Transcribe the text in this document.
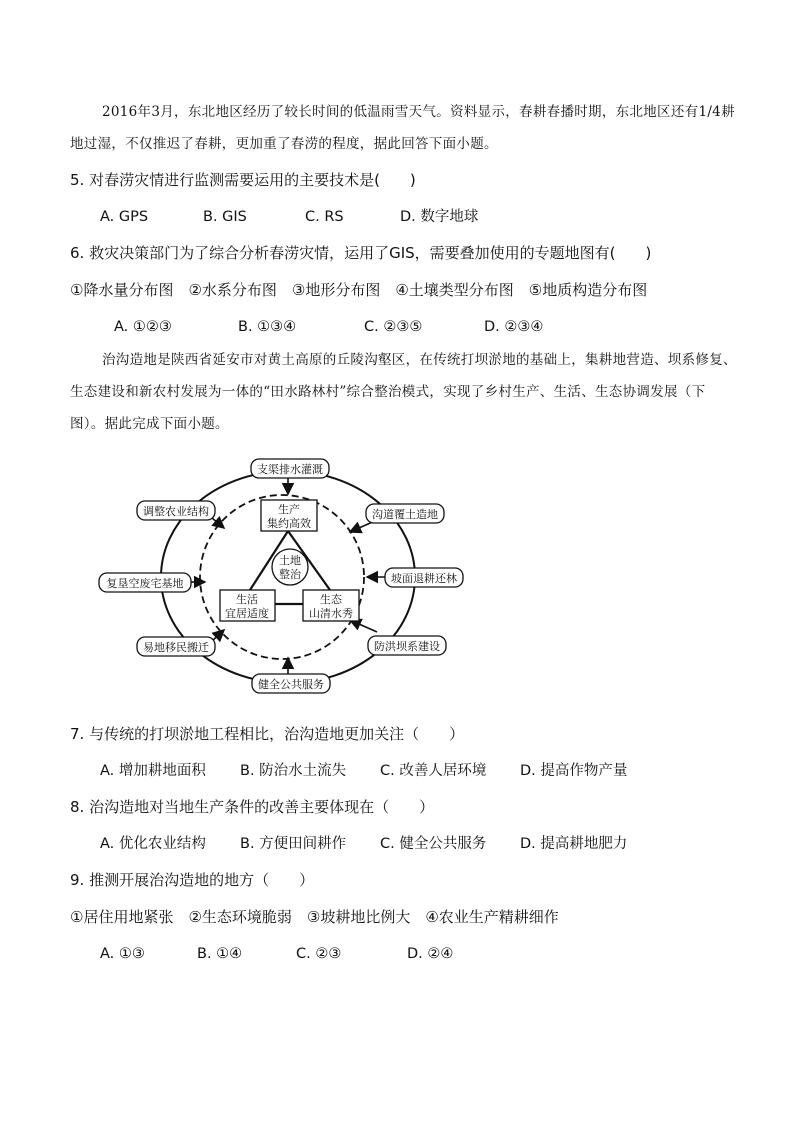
2016年3月，东北地区经历了较长时间的低温雨雪天气。资料显示，春耕春播时期，东北地区还有1/4耕地过湿，不仅推迟了春耕，更加重了春涝的程度，据此回答下面小题。

5. 对春涝灾情进行监测需要运用的主要技术是(　　)

A. GPS	B. GIS	C. RS	D. 数字地球

6. 救灾决策部门为了综合分析春涝灾情，运用了GIS，需要叠加使用的专题地图有(　　)

①降水量分布图　②水系分布图　③地形分布图　④土壤类型分布图　⑤地质构造分布图

A. ①②③	B. ①③④	C. ②③⑤	D. ②③④

治沟造地是陕西省延安市对黄土高原的丘陵沟壑区，在传统打坝淤地的基础上，集耕地营造、坝系修复、生态建设和新农村发展为一体的“田水路林村”综合整治模式，实现了乡村生产、生活、生态协调发展（下图）。据此完成下面小题。

土地
整治
生产
集约高效
生活
宜居适度
生态
山清水秀
支渠排水灌溉
沟道覆土造地
坡面退耕还林
防洪坝系建设
健全公共服务
易地移民搬迁
复垦空废宅基地
调整农业结构

7. 与传统的打坝淤地工程相比，治沟造地更加关注（　　）

A. 增加耕地面积 B. 防治水土流失 C. 改善人居环境 D. 提高作物产量

8. 治沟造地对当地生产条件的改善主要体现在（　　）

A. 优化农业结构 B. 方便田间耕作 C. 健全公共服务 D. 提高耕地肥力

9. 推测开展治沟造地的地方（　　）

①居住用地紧张　②生态环境脆弱　③坡耕地比例大　④农业生产精耕细作

A. ①③	B. ①④	C. ②③	D. ②④
